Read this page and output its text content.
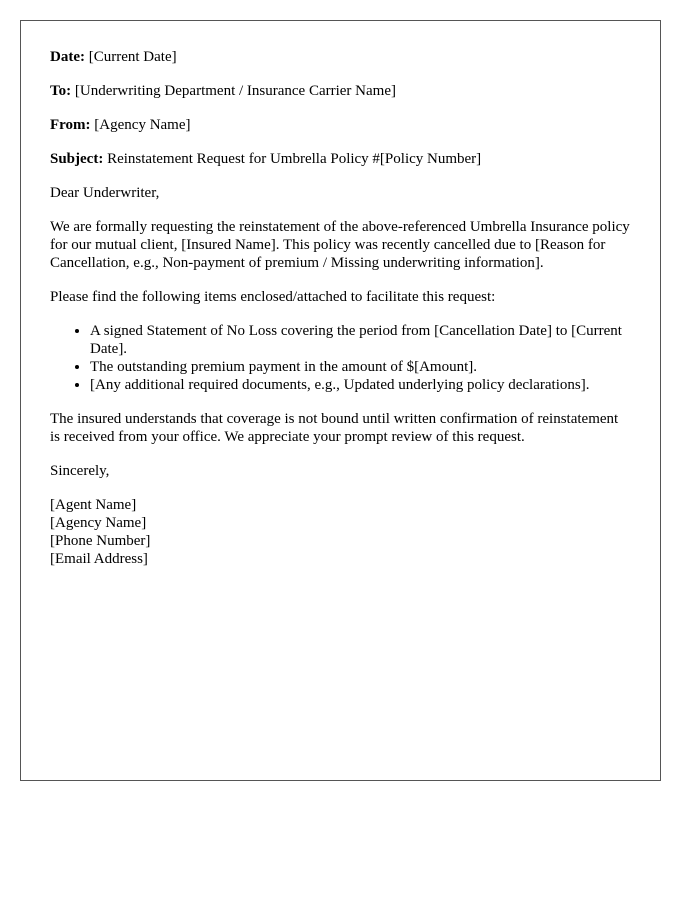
Date: [Current Date]
To: [Underwriting Department / Insurance Carrier Name]
From: [Agency Name]
Subject: Reinstatement Request for Umbrella Policy #[Policy Number]

Dear Underwriter,

We are formally requesting the reinstatement of the above-referenced Umbrella Insurance policy for our mutual client, [Insured Name]. This policy was recently cancelled due to [Reason for Cancellation, e.g., Non-payment of premium / Missing underwriting information].

Please find the following items enclosed/attached to facilitate this request:

• A signed Statement of No Loss covering the period from [Cancellation Date] to [Current Date].
• The outstanding premium payment in the amount of $[Amount].
• [Any additional required documents, e.g., Updated underlying policy declarations].

The insured understands that coverage is not bound until written confirmation of reinstatement is received from your office. We appreciate your prompt review of this request.

Sincerely,

[Agent Name]
[Agency Name]
[Phone Number]
[Email Address]
